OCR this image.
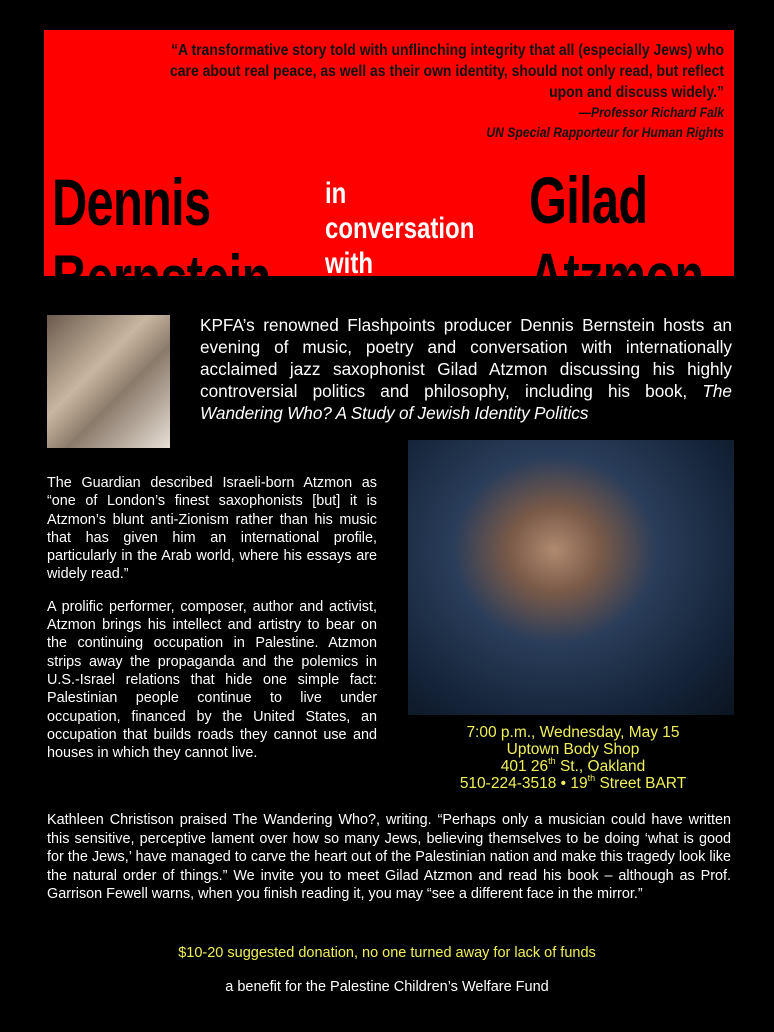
“A transformative story told with unflinching integrity that all (especially Jews) who
care about real peace, as well as their own identity, should not only read, but reflect
upon and discuss widely.”
—Professor Richard Falk
UN Special Rapporteur for Human Rights
Dennis
Bernstein
in
conversation
with
Gilad
Atzmon
KPFA’s renowned Flashpoints producer Dennis Bernstein hosts an evening of music, poetry and conversation with internationally acclaimed jazz saxophonist Gilad Atzmon discussing his highly controversial politics and philosophy, including his book, The Wandering Who? A Study of Jewish Identity Politics

The Guardian described Israeli-born Atzmon as “one of London’s finest saxophonists [but] it is Atzmon’s blunt anti-Zionism rather than his music that has given him an international profile, particularly in the Arab world, where his essays are widely read.”

A prolific performer, composer, author and activist, Atzmon brings his intellect and artistry to bear on the continuing occupation in Palestine. Atzmon strips away the propaganda and the polemics in U.S.-Israel relations that hide one simple fact: Palestinian people continue to live under occupation, financed by the United States, an occupation that builds roads they cannot use and houses in which they cannot live.

7:00 p.m., Wednesday, May 15
Uptown Body Shop
401 26th St., Oakland
510-224-3518 • 19th Street BART
Kathleen Christison praised The Wandering Who?, writing. “Perhaps only a musician could have written this sensitive, perceptive lament over how so many Jews, believing themselves to be doing ‘what is good for the Jews,’ have managed to carve the heart out of the Palestinian nation and make this tragedy look like the natural order of things.” We invite you to meet Gilad Atzmon and read his book – although as Prof. Garrison Fewell warns, when you finish reading it, you may “see a different face in the mirror.”
$10-20 suggested donation, no one turned away for lack of funds
a benefit for the Palestine Children’s Welfare Fund
